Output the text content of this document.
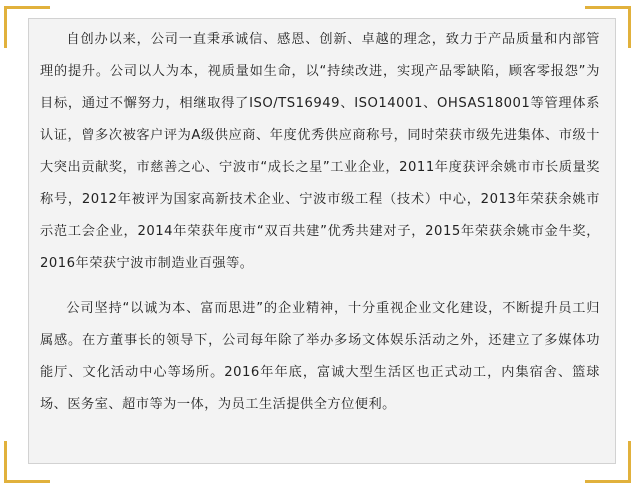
自创办以来，公司一直秉承诚信、感恩、创新、卓越的理念，致力于产品质量和内部管理的提升。公司以人为本，视质量如生命，以“持续改进，实现产品零缺陷，顾客零报怨”为目标，通过不懈努力，相继取得了ISO/TS16949、ISO14001、OHSAS18001等管理体系认证，曾多次被客户评为A级供应商、年度优秀供应商称号，同时荣获市级先进集体、市级十大突出贡献奖，市慈善之心、宁波市“成长之星”工业企业，2011年度获评余姚市市长质量奖称号，2012年被评为国家高新技术企业、宁波市级工程（技术）中心，2013年荣获余姚市示范工会企业，2014年荣获年度市“双百共建”优秀共建对子，2015年荣获余姚市金牛奖，2016年荣获宁波市制造业百强等。

公司坚持“以诚为本、富而思进”的企业精神，十分重视企业文化建设，不断提升员工归属感。在方董事长的领导下，公司每年除了举办多场文体娱乐活动之外，还建立了多媒体功能厅、文化活动中心等场所。2016年年底，富诚大型生活区也正式动工，内集宿舍、篮球场、医务室、超市等为一体，为员工生活提供全方位便利。
